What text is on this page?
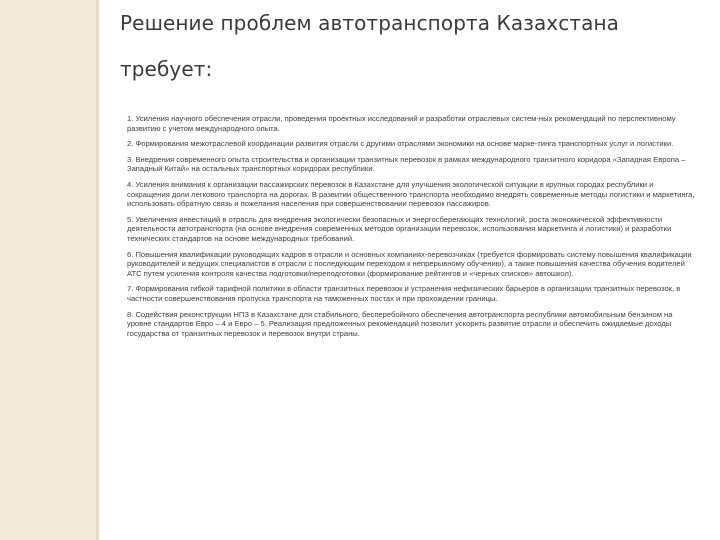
Решение проблем автотранспорта Казахстана требует:
1. Усиления научного обеспечения отрасли, проведения проектных исследований и разработки отраслевых систем-ных рекомендаций по перспективному развитию с учетом международного опыта.
2. Формирования межотраслевой координации развития отрасли с другими отраслями экономики на основе марке-тинга транспортных услуг и логистики.
3. Внедрения современного опыта строительства и организации транзитных перевозок в рамках международного транзитного коридора «Западная Европа – Западный Китай» на остальных транспортных коридорах республики.
4. Усиления внимания к организации пассажирских перевозок в Казахстане для улучшения экологической ситуации в крупных городах республики и сокращения доли легкового транспорта на дорогах. В развитии общественного транспорта необходимо внедрять современные методы логистики и маркетинга, использовать обратную связь и пожелания населения при совершенствовании перевозок пассажиров.
5. Увеличения инвестиций в отрасль для внедрения экологически безопасных и энергосберегающих технологий, роста экономической эффективности деятельности автотранспорта (на основе внедрения современных методов организации перевозок, использования маркетинга и логистики) и разработки технических стандартов на основе международных требований.
6. Повышения квалификации руководящих кадров в отрасли и основных компаниях-перевозчиках (требуется формировать систему повышения квалификации руководителей и ведущих специалистов в отрасли с последующим переходом к непрерывному обучению), а также повышения качества обучения водителей АТС путем усиления контроля качества подготовки/переподготовки (формирование рейтингов и «черных списков» автошкол).
7. Формирования гибкой тарифной политики в области транзитных перевозок и устранения нефизических барьеров в организации транзитных перевозок, в частности совершенствования пропуска транспорта на таможенных постах и при прохождении границы.
8. Содействия реконструкции НПЗ в Казахстане для стабильного, бесперебойного обеспечения автотранспорта республики автомобильным бензином на уровне стандартов Евро – 4 и Евро – 5. Реализация предложенных рекомендаций позволит ускорить развитие отрасли и обеспечить ожидаемые доходы государства от транзитных перевозок и перевозок внутри страны.
